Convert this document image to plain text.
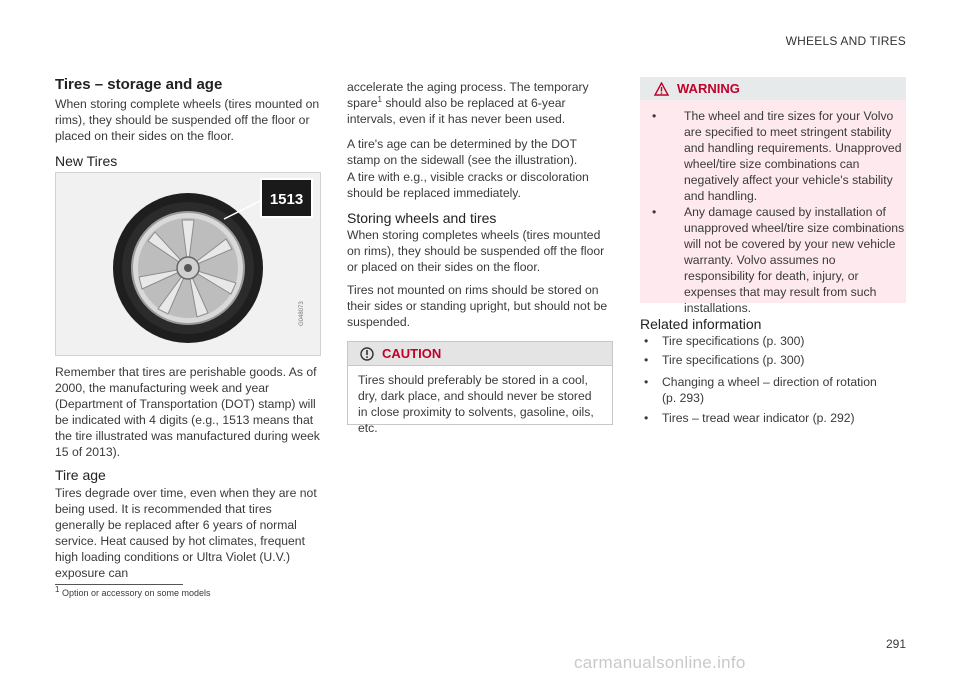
WHEELS AND TIRES
Tires – storage and age

When storing complete wheels (tires mounted on rims), they should be suspended off the floor or placed on their sides on the floor.

New Tires
1513
G048073

Remember that tires are perishable goods. As of 2000, the manufacturing week and year (Department of Transportation (DOT) stamp) will be indicated with 4 digits (e.g., 1513 means that the tire illustrated was manufactured during week 15 of 2013).

Tire age

Tires degrade over time, even when they are not being used. It is recommended that tires generally be replaced after 6 years of normal service. Heat caused by hot climates, frequent high loading conditions or Ultra Violet (U.V.) exposure can

accelerate the aging process. The temporary spare$^1$ should also be replaced at 6-year intervals, even if it has never been used.

A tire's age can be determined by the DOT stamp on the sidewall (see the illustration).

A tire with e.g., visible cracks or discoloration should be replaced immediately.

Storing wheels and tires

When storing completes wheels (tires mounted on rims), they should be suspended off the floor or placed on their sides on the floor.

Tires not mounted on rims should be stored on their sides or standing upright, but should not be suspended.

CAUTION

Tires should preferably be stored in a cool, dry, dark place, and should never be stored in close proximity to solvents, gasoline, oils, etc.

WARNING
• The wheel and tire sizes for your Volvo are specified to meet stringent stability and handling requirements. Unapproved wheel/tire size combinations can negatively affect your vehicle's stability and handling.

• Any damage caused by installation of unapproved wheel/tire size combinations will not be covered by your new vehicle warranty. Volvo assumes no responsibility for death, injury, or expenses that may result from such installations.

Related information
• Tire specifications (p. 300)
• Tire specifications (p. 300)
• Changing a wheel – direction of rotation (p. 293)
• Tires – tread wear indicator (p. 292)
$^1$ Option or accessory on some models
291
carmanualsonline.info
